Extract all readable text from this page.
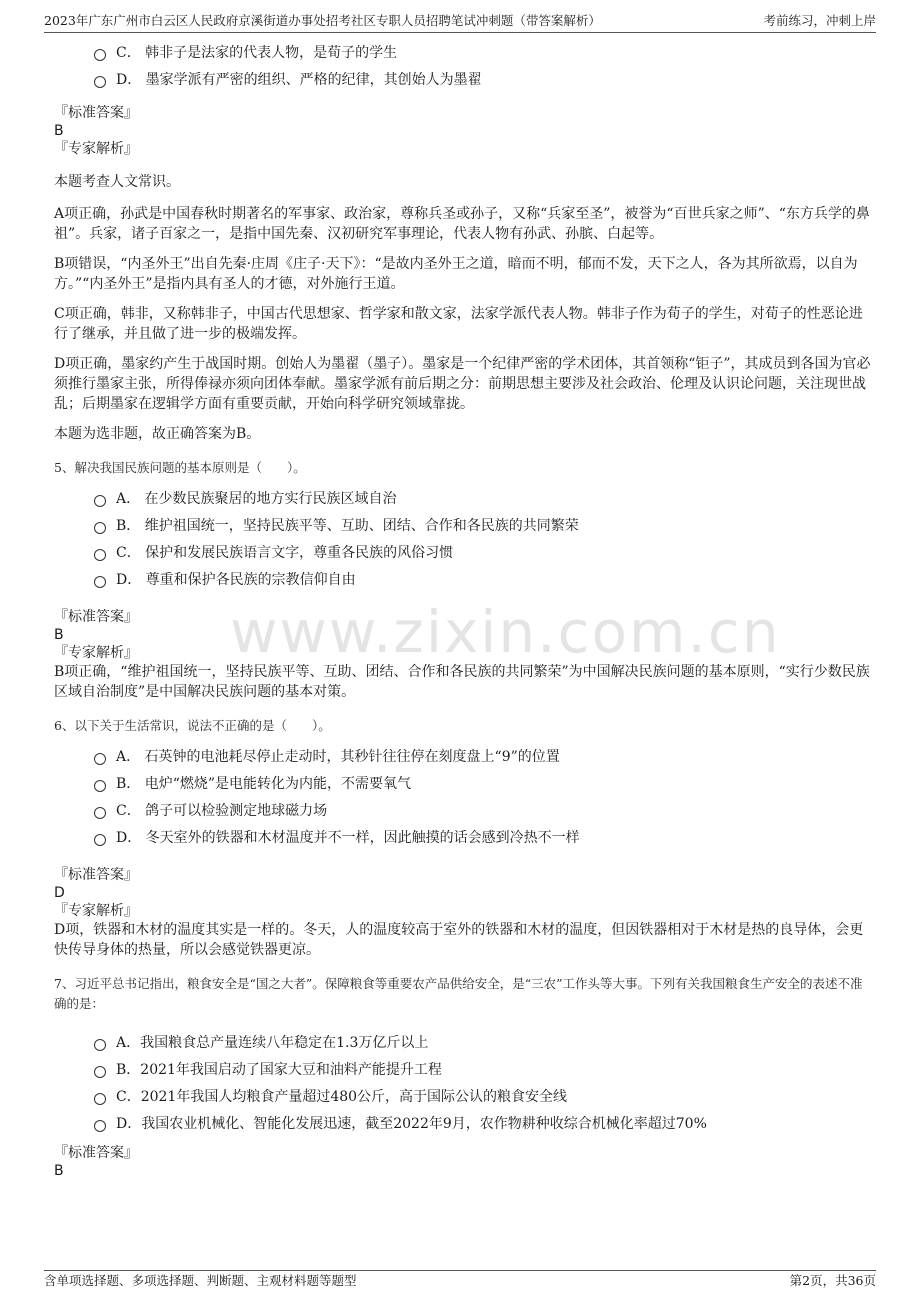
2023年广东广州市白云区人民政府京溪街道办事处招考社区专职人员招聘笔试冲刺题（带答案解析）	考前练习，冲刺上岸
www.zixin.com.cn
C． 韩非子是法家的代表人物，是荀子的学生
D． 墨家学派有严密的组织、严格的纪律，其创始人为墨翟
『标准答案』
B
『专家解析』

本题考查人文常识。

A项正确，孙武是中国春秋时期著名的军事家、政治家，尊称兵圣或孙子，又称“兵家至圣”，被誉为“百世兵家之师”、“东方兵学的鼻祖”。兵家，诸子百家之一，是指中国先秦、汉初研究军事理论，代表人物有孙武、孙膑、白起等。

B项错误，“内圣外王”出自先秦·庄周《庄子·天下》：“是故内圣外王之道，暗而不明，郁而不发，天下之人，各为其所欲焉，以自为方。”“内圣外王”是指内具有圣人的才德，对外施行王道。

C项正确，韩非，又称韩非子，中国古代思想家、哲学家和散文家，法家学派代表人物。韩非子作为荀子的学生，对荀子的性恶论进行了继承，并且做了进一步的极端发挥。

D项正确，墨家约产生于战国时期。创始人为墨翟（墨子）。墨家是一个纪律严密的学术团体，其首领称“钜子”，其成员到各国为官必须推行墨家主张，所得俸禄亦须向团体奉献。墨家学派有前后期之分：前期思想主要涉及社会政治、伦理及认识论问题，关注现世战乱；后期墨家在逻辑学方面有重要贡献，开始向科学研究领域靠拢。

本题为选非题，故正确答案为B。

5、解决我国民族问题的基本原则是（　　）。
A． 在少数民族聚居的地方实行民族区域自治
B． 维护祖国统一，坚持民族平等、互助、团结、合作和各民族的共同繁荣
C． 保护和发展民族语言文字，尊重各民族的风俗习惯
D． 尊重和保护各民族的宗教信仰自由
『标准答案』
B
『专家解析』

B项正确，“维护祖国统一，坚持民族平等、互助、团结、合作和各民族的共同繁荣”为中国解决民族问题的基本原则，“实行少数民族区域自治制度”是中国解决民族问题的基本对策。

6、以下关于生活常识，说法不正确的是（　　）。
A． 石英钟的电池耗尽停止走动时，其秒针往往停在刻度盘上“9”的位置
B． 电炉“燃烧”是电能转化为内能，不需要氧气
C． 鸽子可以检验测定地球磁力场
D． 冬天室外的铁器和木材温度并不一样，因此触摸的话会感到冷热不一样
『标准答案』
D
『专家解析』

D项，铁器和木材的温度其实是一样的。冬天，人的温度较高于室外的铁器和木材的温度，但因铁器相对于木材是热的良导体，会更快传导身体的热量，所以会感觉铁器更凉。

7、习近平总书记指出，粮食安全是“国之大者”。保障粮食等重要农产品供给安全，是“三农”工作头等大事。下列有关我国粮食生产安全的表述不准确的是：
A．我国粮食总产量连续八年稳定在1.3万亿斤以上
B．2021年我国启动了国家大豆和油料产能提升工程
C．2021年我国人均粮食产量超过480公斤，高于国际公认的粮食安全线
D．我国农业机械化、智能化发展迅速，截至2022年9月，农作物耕种收综合机械化率超过70%
『标准答案』
B
含单项选择题、多项选择题、判断题、主观材料题等题型	第2页，共36页
